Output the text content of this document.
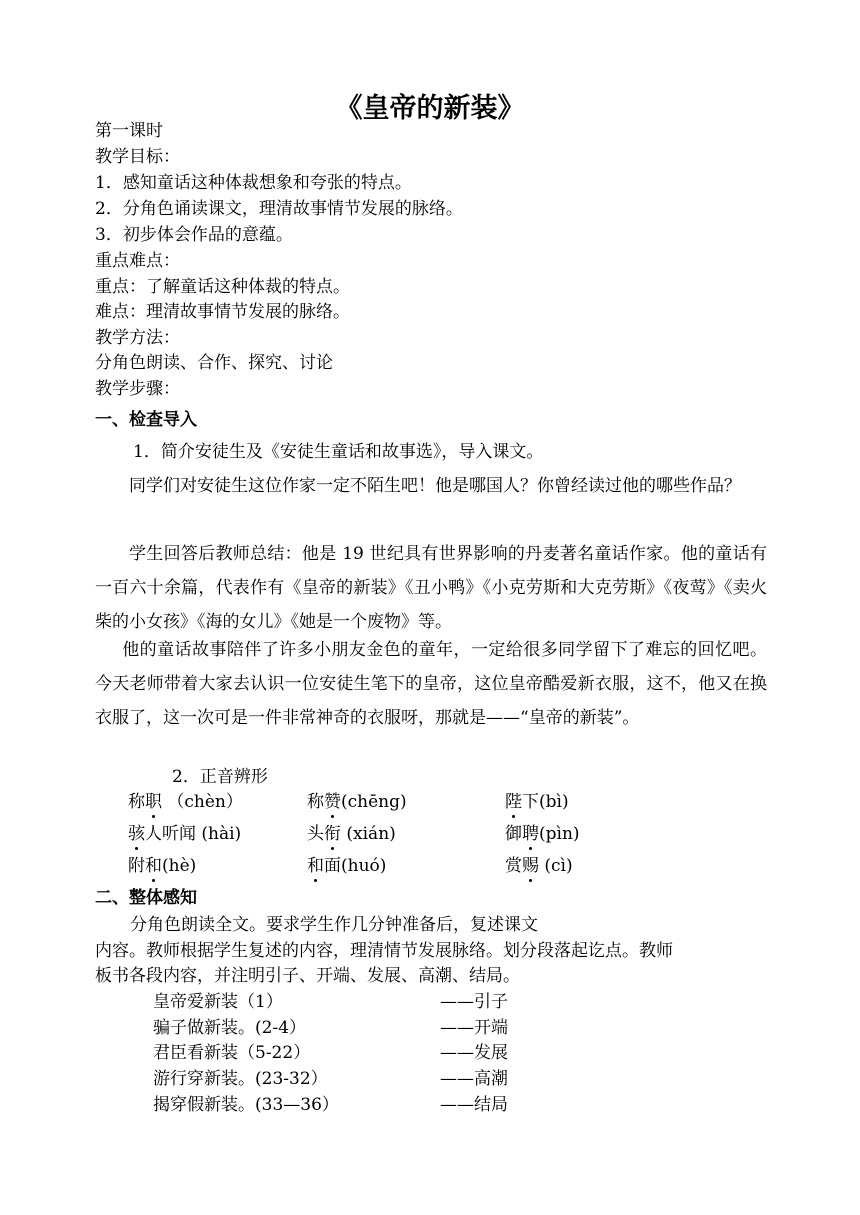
《皇帝的新装》
第一课时
教学目标：
1．感知童话这种体裁想象和夸张的特点。
2．分角色诵读课文，理清故事情节发展的脉络。
3．初步体会作品的意蕴。
重点难点：
重点：了解童话这种体裁的特点。
难点：理清故事情节发展的脉络。
教学方法：
分角色朗读、合作、探究、讨论
教学步骤：
一、检查导入
1．简介安徒生及《安徒生童话和故事选》，导入课文。
同学们对安徒生这位作家一定不陌生吧！他是哪国人？你曾经读过他的哪些作品？
学生回答后教师总结：他是 19 世纪具有世界影响的丹麦著名童话作家。他的童话有一百六十余篇，代表作有《皇帝的新装》《丑小鸭》《小克劳斯和大克劳斯》《夜莺》《卖火柴的小女孩》《海的女儿》《她是一个废物》等。
他的童话故事陪伴了许多小朋友金色的童年，一定给很多同学留下了难忘的回忆吧。今天老师带着大家去认识一位安徒生笔下的皇帝，这位皇帝酷爱新衣服，这不，他又在换衣服了，这一次可是一件非常神奇的衣服呀，那就是——“皇帝的新装”。
2．正音辨形
称职 （chèn）	称赞(chēng)	陛下(bì)
骇人听闻 (hài)	头衔 (xián)	御聘(pìn)
附和(hè)	和面(huó)	赏赐 (cì)
二、整体感知
分角色朗读全文。要求学生作几分钟准备后，复述课文
内容。教师根据学生复述的内容，理清情节发展脉络。划分段落起讫点。教师
板书各段内容，并注明引子、开端、发展、高潮、结局。
皇帝爱新装（1）	——引子
骗子做新装。(2-4）	——开端
君臣看新装（5-22）	——发展
游行穿新装。(23-32）	——高潮
揭穿假新装。(33—36）	——结局
